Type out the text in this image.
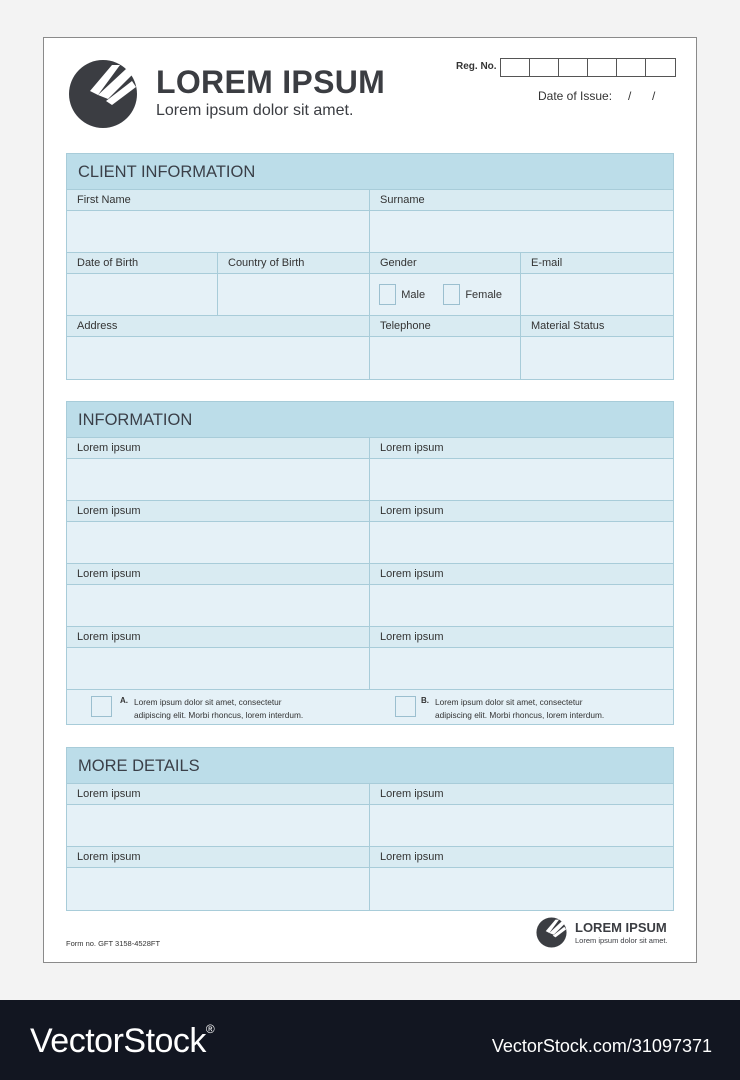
LOREM IPSUM
Lorem ipsum dolor sit amet.
Reg. No.
Date of Issue: / /
CLIENT INFORMATION
First Name	Surname
Date of Birth	Country of Birth	Gender	E-mail
Male	Female
Address	Telephone	Material Status
INFORMATION
Lorem ipsum	Lorem ipsum
Lorem ipsum	Lorem ipsum
Lorem ipsum	Lorem ipsum
Lorem ipsum	Lorem ipsum
A. Lorem ipsum dolor sit amet, consectetur
adipiscing elit. Morbi rhoncus, lorem interdum.
B. Lorem ipsum dolor sit amet, consectetur
adipiscing elit. Morbi rhoncus, lorem interdum.
MORE DETAILS
Lorem ipsum	Lorem ipsum
Lorem ipsum	Lorem ipsum
Form no. GFT 3158-4528FT
LOREM IPSUM
Lorem ipsum dolor sit amet.
VectorStock®
VectorStock.com/31097371
